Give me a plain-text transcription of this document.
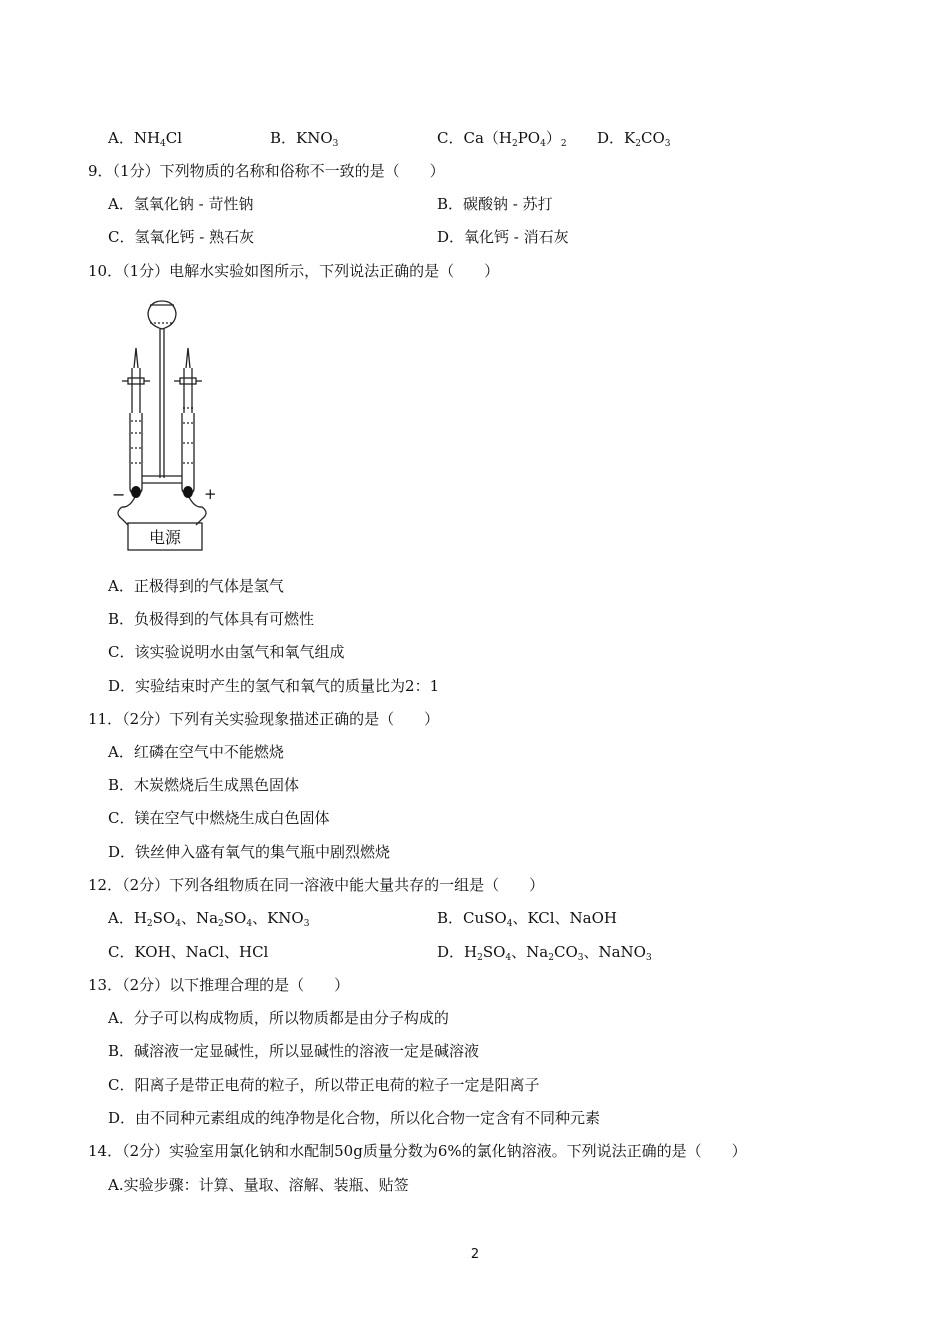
A．$NH_4Cl$	B．$KNO_3$	C．$Ca(H_2PO_4)_2$ D．$K_2CO_3$
9．（1分）下列物质的名称和俗称不一致的是（　　）
A．氢氧化钠 - 苛性钠	B．碳酸钠 - 苏打
C．氢氧化钙 - 熟石灰	D．氧化钙 - 消石灰
10．（1分）电解水实验如图所示，下列说法正确的是（　　）
−	+
电源
A．正极得到的气体是氢气
B．负极得到的气体具有可燃性
C．该实验说明水由氢气和氧气组成
D．实验结束时产生的氢气和氧气的质量比为2：1
11．（2分）下列有关实验现象描述正确的是（　　）
A．红磷在空气中不能燃烧
B．木炭燃烧后生成黑色固体
C．镁在空气中燃烧生成白色固体
D．铁丝伸入盛有氧气的集气瓶中剧烈燃烧
12．（2分）下列各组物质在同一溶液中能大量共存的一组是（　　）
A．$H_2SO_4$、$Na_2SO_4$、$KNO_3$	B．CuSO$_4$、KCl、NaOH
C．KOH、NaCl、HCl	D．$H_2SO_4$、$Na_2CO_3$、NaNO$_3$
13．（2分）以下推理合理的是（　　）
A．分子可以构成物质，所以物质都是由分子构成的
B．碱溶液一定显碱性，所以显碱性的溶液一定是碱溶液
C．阳离子是带正电荷的粒子，所以带正电荷的粒子一定是阳离子
D．由不同种元素组成的纯净物是化合物，所以化合物一定含有不同种元素
14．（2分）实验室用氯化钠和水配制50g质量分数为6%的氯化钠溶液。下列说法正确的是（　　）
A.实验步骤：计算、量取、溶解、装瓶、贴签
2
